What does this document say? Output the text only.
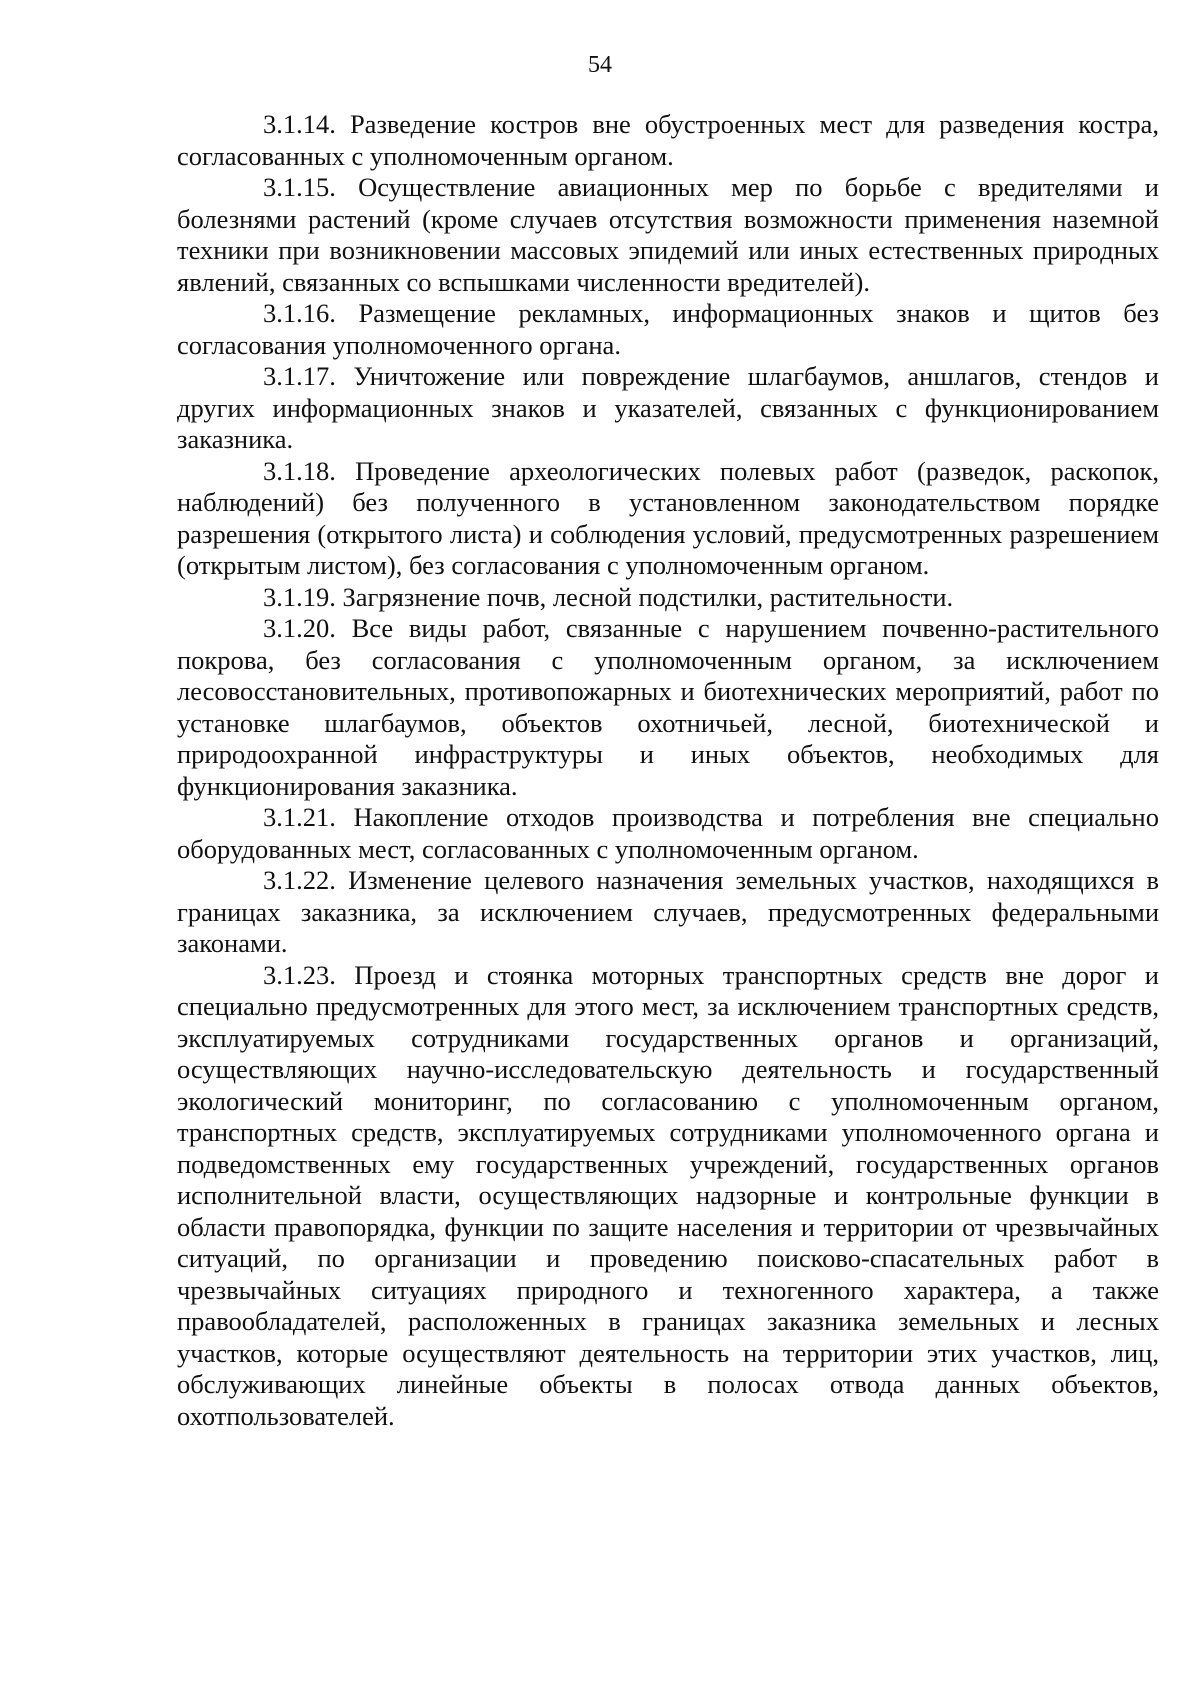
54

3.1.14. Разведение костров вне обустроенных мест для разведения костра, согласованных с уполномоченным органом.

3.1.15. Осуществление авиационных мер по борьбе с вредителями и болезнями растений (кроме случаев отсутствия возможности применения наземной техники при возникновении массовых эпидемий или иных естественных природных явлений, связанных со вспышками численности вредителей).

3.1.16. Размещение рекламных, информационных знаков и щитов без согласования уполномоченного органа.

3.1.17. Уничтожение или повреждение шлагбаумов, аншлагов, стендов и других информационных знаков и указателей, связанных с функционированием заказника.

3.1.18. Проведение археологических полевых работ (разведок, раскопок, наблюдений) без полученного в установленном законодательством порядке разрешения (открытого листа) и соблюдения условий, предусмотренных разрешением (открытым листом), без согласования с уполномоченным органом.

3.1.19. Загрязнение почв, лесной подстилки, растительности.

3.1.20. Все виды работ, связанные с нарушением почвенно-растительного покрова, без согласования с уполномоченным органом, за исключением лесовосстановительных, противопожарных и биотехнических мероприятий, работ по установке шлагбаумов, объектов охотничьей, лесной, биотехнической и природоохранной инфраструктуры и иных объектов, необходимых для функционирования заказника.

3.1.21. Накопление отходов производства и потребления вне специально оборудованных мест, согласованных с уполномоченным органом.

3.1.22. Изменение целевого назначения земельных участков, находящихся в границах заказника, за исключением случаев, предусмотренных федеральными законами.

3.1.23. Проезд и стоянка моторных транспортных средств вне дорог и специально предусмотренных для этого мест, за исключением транспортных средств, эксплуатируемых сотрудниками государственных органов и организаций, осуществляющих научно-исследовательскую деятельность и государственный экологический мониторинг, по согласованию с уполномоченным органом, транспортных средств, эксплуатируемых сотрудниками уполномоченного органа и подведомственных ему государственных учреждений, государственных органов исполнительной власти, осуществляющих надзорные и контрольные функции в области правопорядка, функции по защите населения и территории от чрезвычайных ситуаций, по организации и проведению поисково-спасательных работ в чрезвычайных ситуациях природного и техногенного характера, а также правообладателей, расположенных в границах заказника земельных и лесных участков, которые осуществляют деятельность на территории этих участков, лиц, обслуживающих линейные объекты в полосах отвода данных объектов, охотпользователей.
